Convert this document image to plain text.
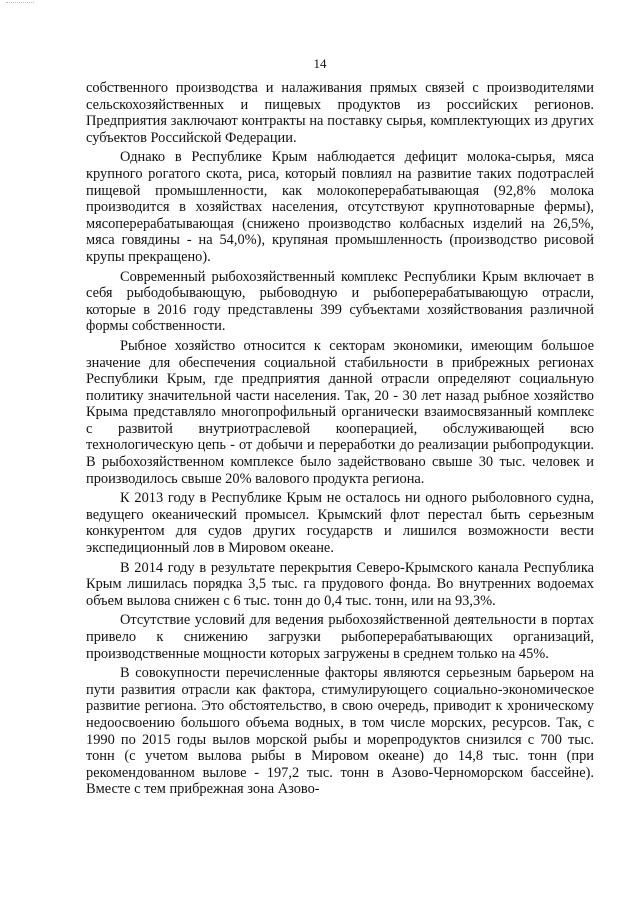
14

собственного производства и налаживания прямых связей с производителями сельскохозяйственных и пищевых продуктов из российских регионов. Предприятия заключают контракты на поставку сырья, комплектующих из других субъектов Российской Федерации.

Однако в Республике Крым наблюдается дефицит молока-сырья, мяса крупного рогатого скота, риса, который повлиял на развитие таких подотраслей пищевой промышленности, как молокоперерабатывающая (92,8% молока производится в хозяйствах населения, отсутствуют крупнотоварные фермы), мясоперерабатывающая (снижено производство колбасных изделий на 26,5%, мяса говядины - на 54,0%), крупяная промышленность (производство рисовой крупы прекращено).

Современный рыбохозяйственный комплекс Республики Крым включает в себя рыбодобывающую, рыбоводную и рыбоперерабатывающую отрасли, которые в 2016 году представлены 399 субъектами хозяйствования различной формы собственности.

Рыбное хозяйство относится к секторам экономики, имеющим большое значение для обеспечения социальной стабильности в прибрежных регионах Республики Крым, где предприятия данной отрасли определяют социальную политику значительной части населения. Так, 20 - 30 лет назад рыбное хозяйство Крыма представляло многопрофильный органически взаимосвязанный комплекс с развитой внутриотраслевой кооперацией, обслуживающей всю технологическую цепь - от добычи и переработки до реализации рыбопродукции. В рыбохозяйственном комплексе было задействовано свыше 30 тыс. человек и производилось свыше 20% валового продукта региона.

К 2013 году в Республике Крым не осталось ни одного рыболовного судна, ведущего океанический промысел. Крымский флот перестал быть серьезным конкурентом для судов других государств и лишился возможности вести экспедиционный лов в Мировом океане.

В 2014 году в результате перекрытия Северо-Крымского канала Республика Крым лишилась порядка 3,5 тыс. га прудового фонда. Во внутренних водоемах объем вылова снижен с 6 тыс. тонн до 0,4 тыс. тонн, или на 93,3%.

Отсутствие условий для ведения рыбохозяйственной деятельности в портах привело к снижению загрузки рыбоперерабатывающих организаций, производственные мощности которых загружены в среднем только на 45%.

В совокупности перечисленные факторы являются серьезным барьером на пути развития отрасли как фактора, стимулирующего социально-экономическое развитие региона. Это обстоятельство, в свою очередь, приводит к хроническому недоосвоению большого объема водных, в том числе морских, ресурсов. Так, с 1990 по 2015 годы вылов морской рыбы и морепродуктов снизился с 700 тыс. тонн (с учетом вылова рыбы в Мировом океане) до 14,8 тыс. тонн (при рекомендованном вылове - 197,2 тыс. тонн в Азово-Черноморском бассейне). Вместе с тем прибрежная зона Азово-
